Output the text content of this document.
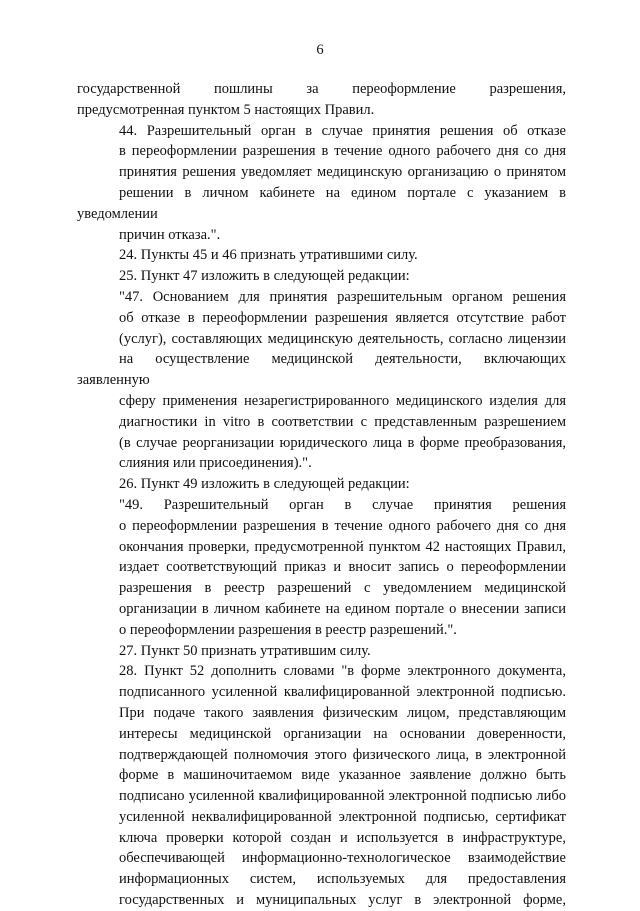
6

государственной пошлины за переоформление разрешения,
предусмотренная пунктом 5 настоящих Правил.

44. Разрешительный орган в случае принятия решения об отказе
в переоформлении разрешения в течение одного рабочего дня со дня
принятия решения уведомляет медицинскую организацию о принятом
решении в личном кабинете на едином портале с указанием в уведомлении
причин отказа.".

24. Пункты 45 и 46 признать утратившими силу.

25. Пункт 47 изложить в следующей редакции:

"47. Основанием для принятия разрешительным органом решения
об отказе в переоформлении разрешения является отсутствие работ
(услуг), составляющих медицинскую деятельность, согласно лицензии
на осуществление медицинской деятельности, включающих заявленную
сферу применения незарегистрированного медицинского изделия для
диагностики in vitro в соответствии с представленным разрешением
(в случае реорганизации юридического лица в форме преобразования,
слияния или присоединения).".

26. Пункт 49 изложить в следующей редакции:

"49. Разрешительный орган в случае принятия решения
о переоформлении разрешения в течение одного рабочего дня со дня
окончания проверки, предусмотренной пунктом 42 настоящих Правил,
издает соответствующий приказ и вносит запись о переоформлении
разрешения в реестр разрешений с уведомлением медицинской
организации в личном кабинете на едином портале о внесении записи
о переоформлении разрешения в реестр разрешений.".

27. Пункт 50 признать утратившим силу.

28. Пункт 52 дополнить словами "в форме электронного документа,
подписанного усиленной квалифицированной электронной подписью.
При подаче такого заявления физическим лицом, представляющим
интересы медицинской организации на основании доверенности,
подтверждающей полномочия этого физического лица, в электронной
форме в машиночитаемом виде указанное заявление должно быть
подписано усиленной квалифицированной электронной подписью либо
усиленной неквалифицированной электронной подписью, сертификат
ключа проверки которой создан и используется в инфраструктуре,
обеспечивающей информационно-технологическое взаимодействие
информационных систем, используемых для предоставления
государственных и муниципальных услуг в электронной форме,
